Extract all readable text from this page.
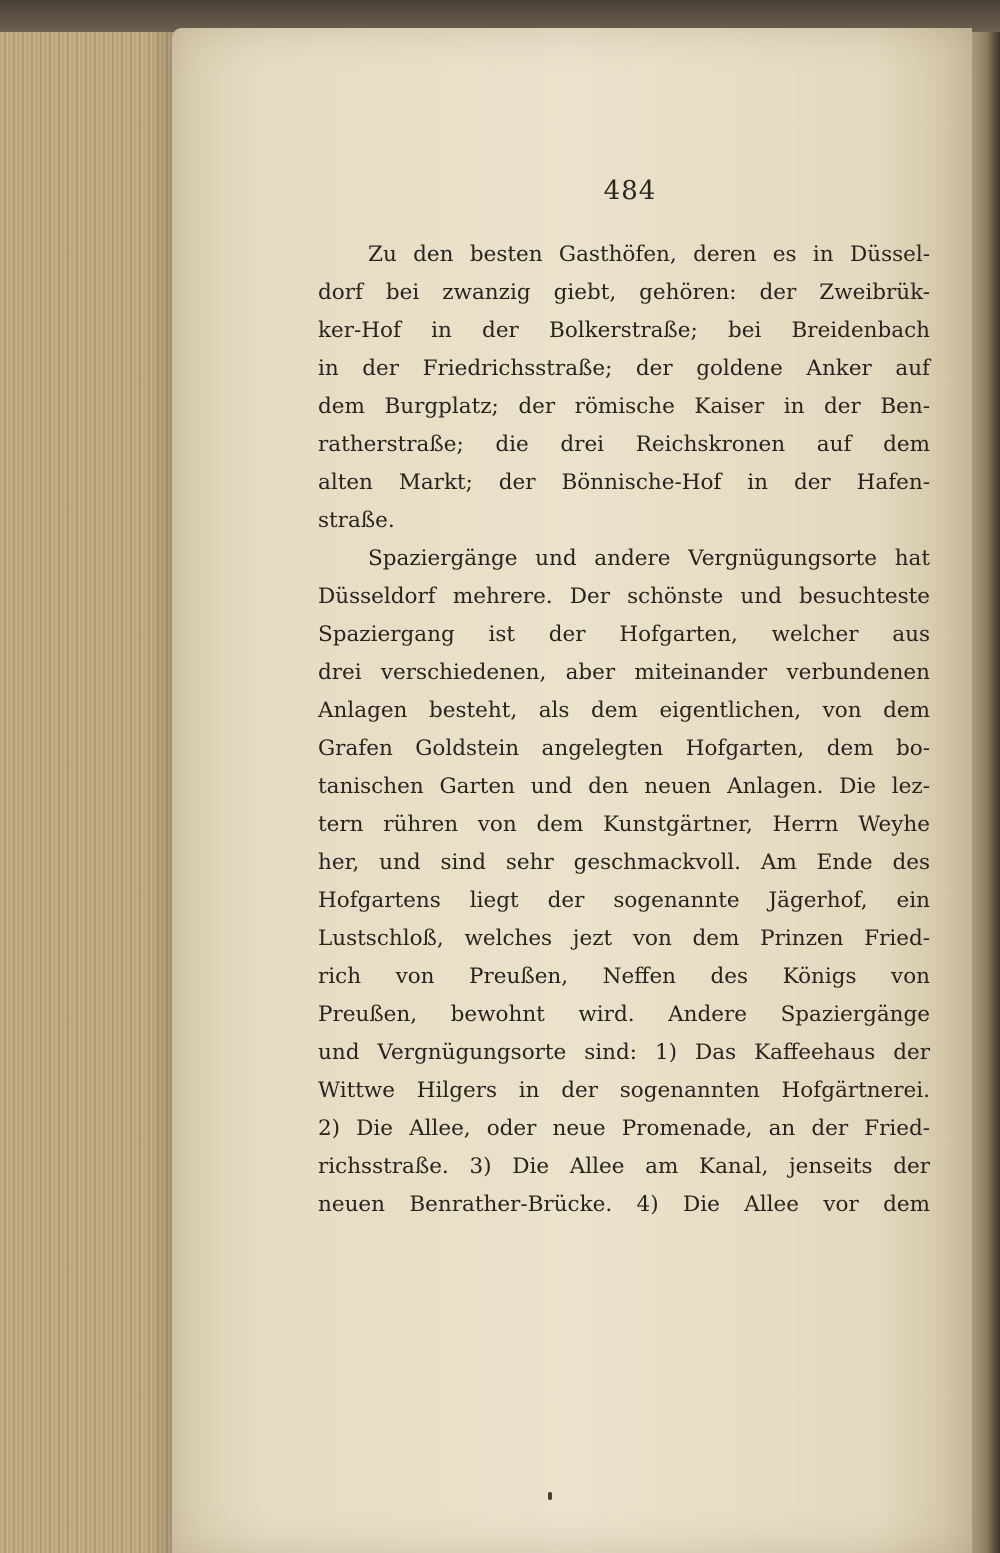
484
Zu den besten Gasthöfen, deren es in Düssel-
dorf bei zwanzig giebt, gehören: der Zweibrük-
ker-Hof in der Bolkerstraße; bei Breidenbach
in der Friedrichsstraße; der goldene Anker auf
dem Burgplatz; der römische Kaiser in der Ben-
ratherstraße; die drei Reichskronen auf dem
alten Markt; der Bönnische-Hof in der Hafen-
straße.
Spaziergänge und andere Vergnügungsorte hat
Düsseldorf mehrere. Der schönste und besuchteste
Spaziergang ist der Hofgarten, welcher aus
drei verschiedenen, aber miteinander verbundenen
Anlagen besteht, als dem eigentlichen, von dem
Grafen Goldstein angelegten Hofgarten, dem bo-
tanischen Garten und den neuen Anlagen. Die lez-
tern rühren von dem Kunstgärtner, Herrn Weyhe
her, und sind sehr geschmackvoll. Am Ende des
Hofgartens liegt der sogenannte Jägerhof, ein
Lustschloß, welches jezt von dem Prinzen Fried-
rich von Preußen, Neffen des Königs von
Preußen, bewohnt wird. Andere Spaziergänge
und Vergnügungsorte sind: 1) Das Kaffeehaus der
Wittwe Hilgers in der sogenannten Hofgärtnerei.
2) Die Allee, oder neue Promenade, an der Fried-
richsstraße. 3) Die Allee am Kanal, jenseits der
neuen Benrather-Brücke. 4) Die Allee vor dem
